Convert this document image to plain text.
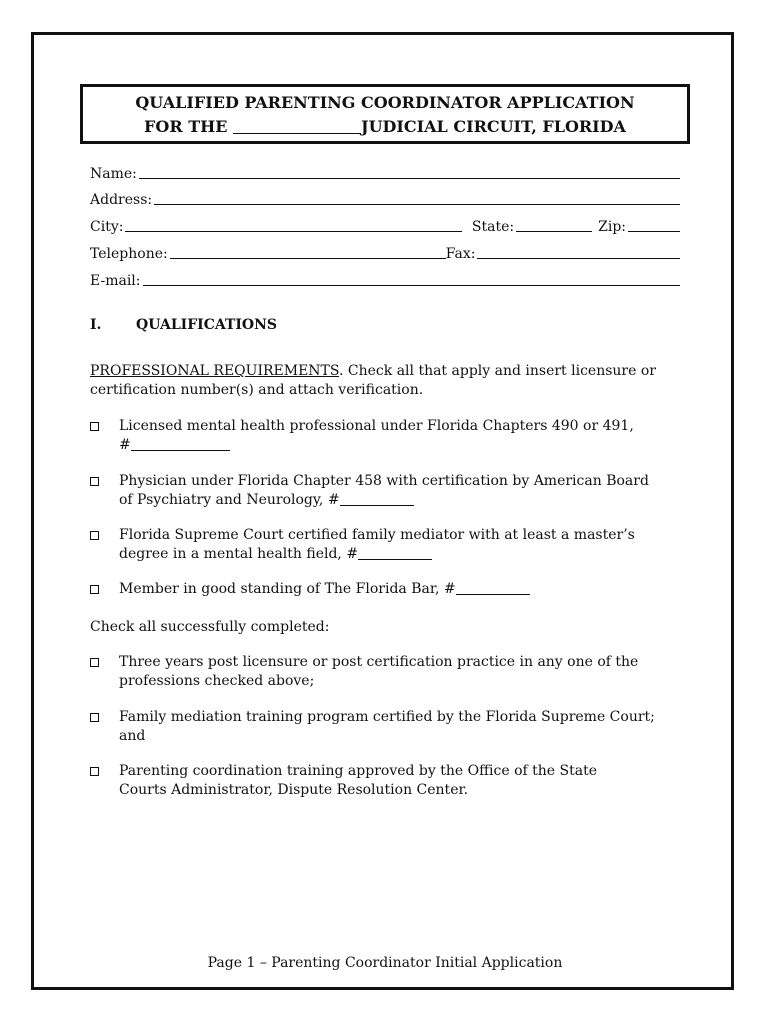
QUALIFIED PARENTING COORDINATOR APPLICATION
FOR THE	JUDICIAL CIRCUIT, FLORIDA
Name:
Address:
City:	State:	Zip:
Telephone:	Fax:
E-mail:
I. QUALIFICATIONS
PROFESSIONAL REQUIREMENTS. Check all that apply and insert licensure or certification number(s) and attach verification.
Licensed mental health professional under Florida Chapters 490 or 491,
#
Physician under Florida Chapter 458 with certification by American Board
of Psychiatry and Neurology, #
Florida Supreme Court certified family mediator with at least a master’s
degree in a mental health field, #
Member in good standing of The Florida Bar, #
Check all successfully completed:
Three years post licensure or post certification practice in any one of the
professions checked above;
Family mediation training program certified by the Florida Supreme Court;
and
Parenting coordination training approved by the Office of the State
Courts Administrator, Dispute Resolution Center.
Page 1 – Parenting Coordinator Initial Application
